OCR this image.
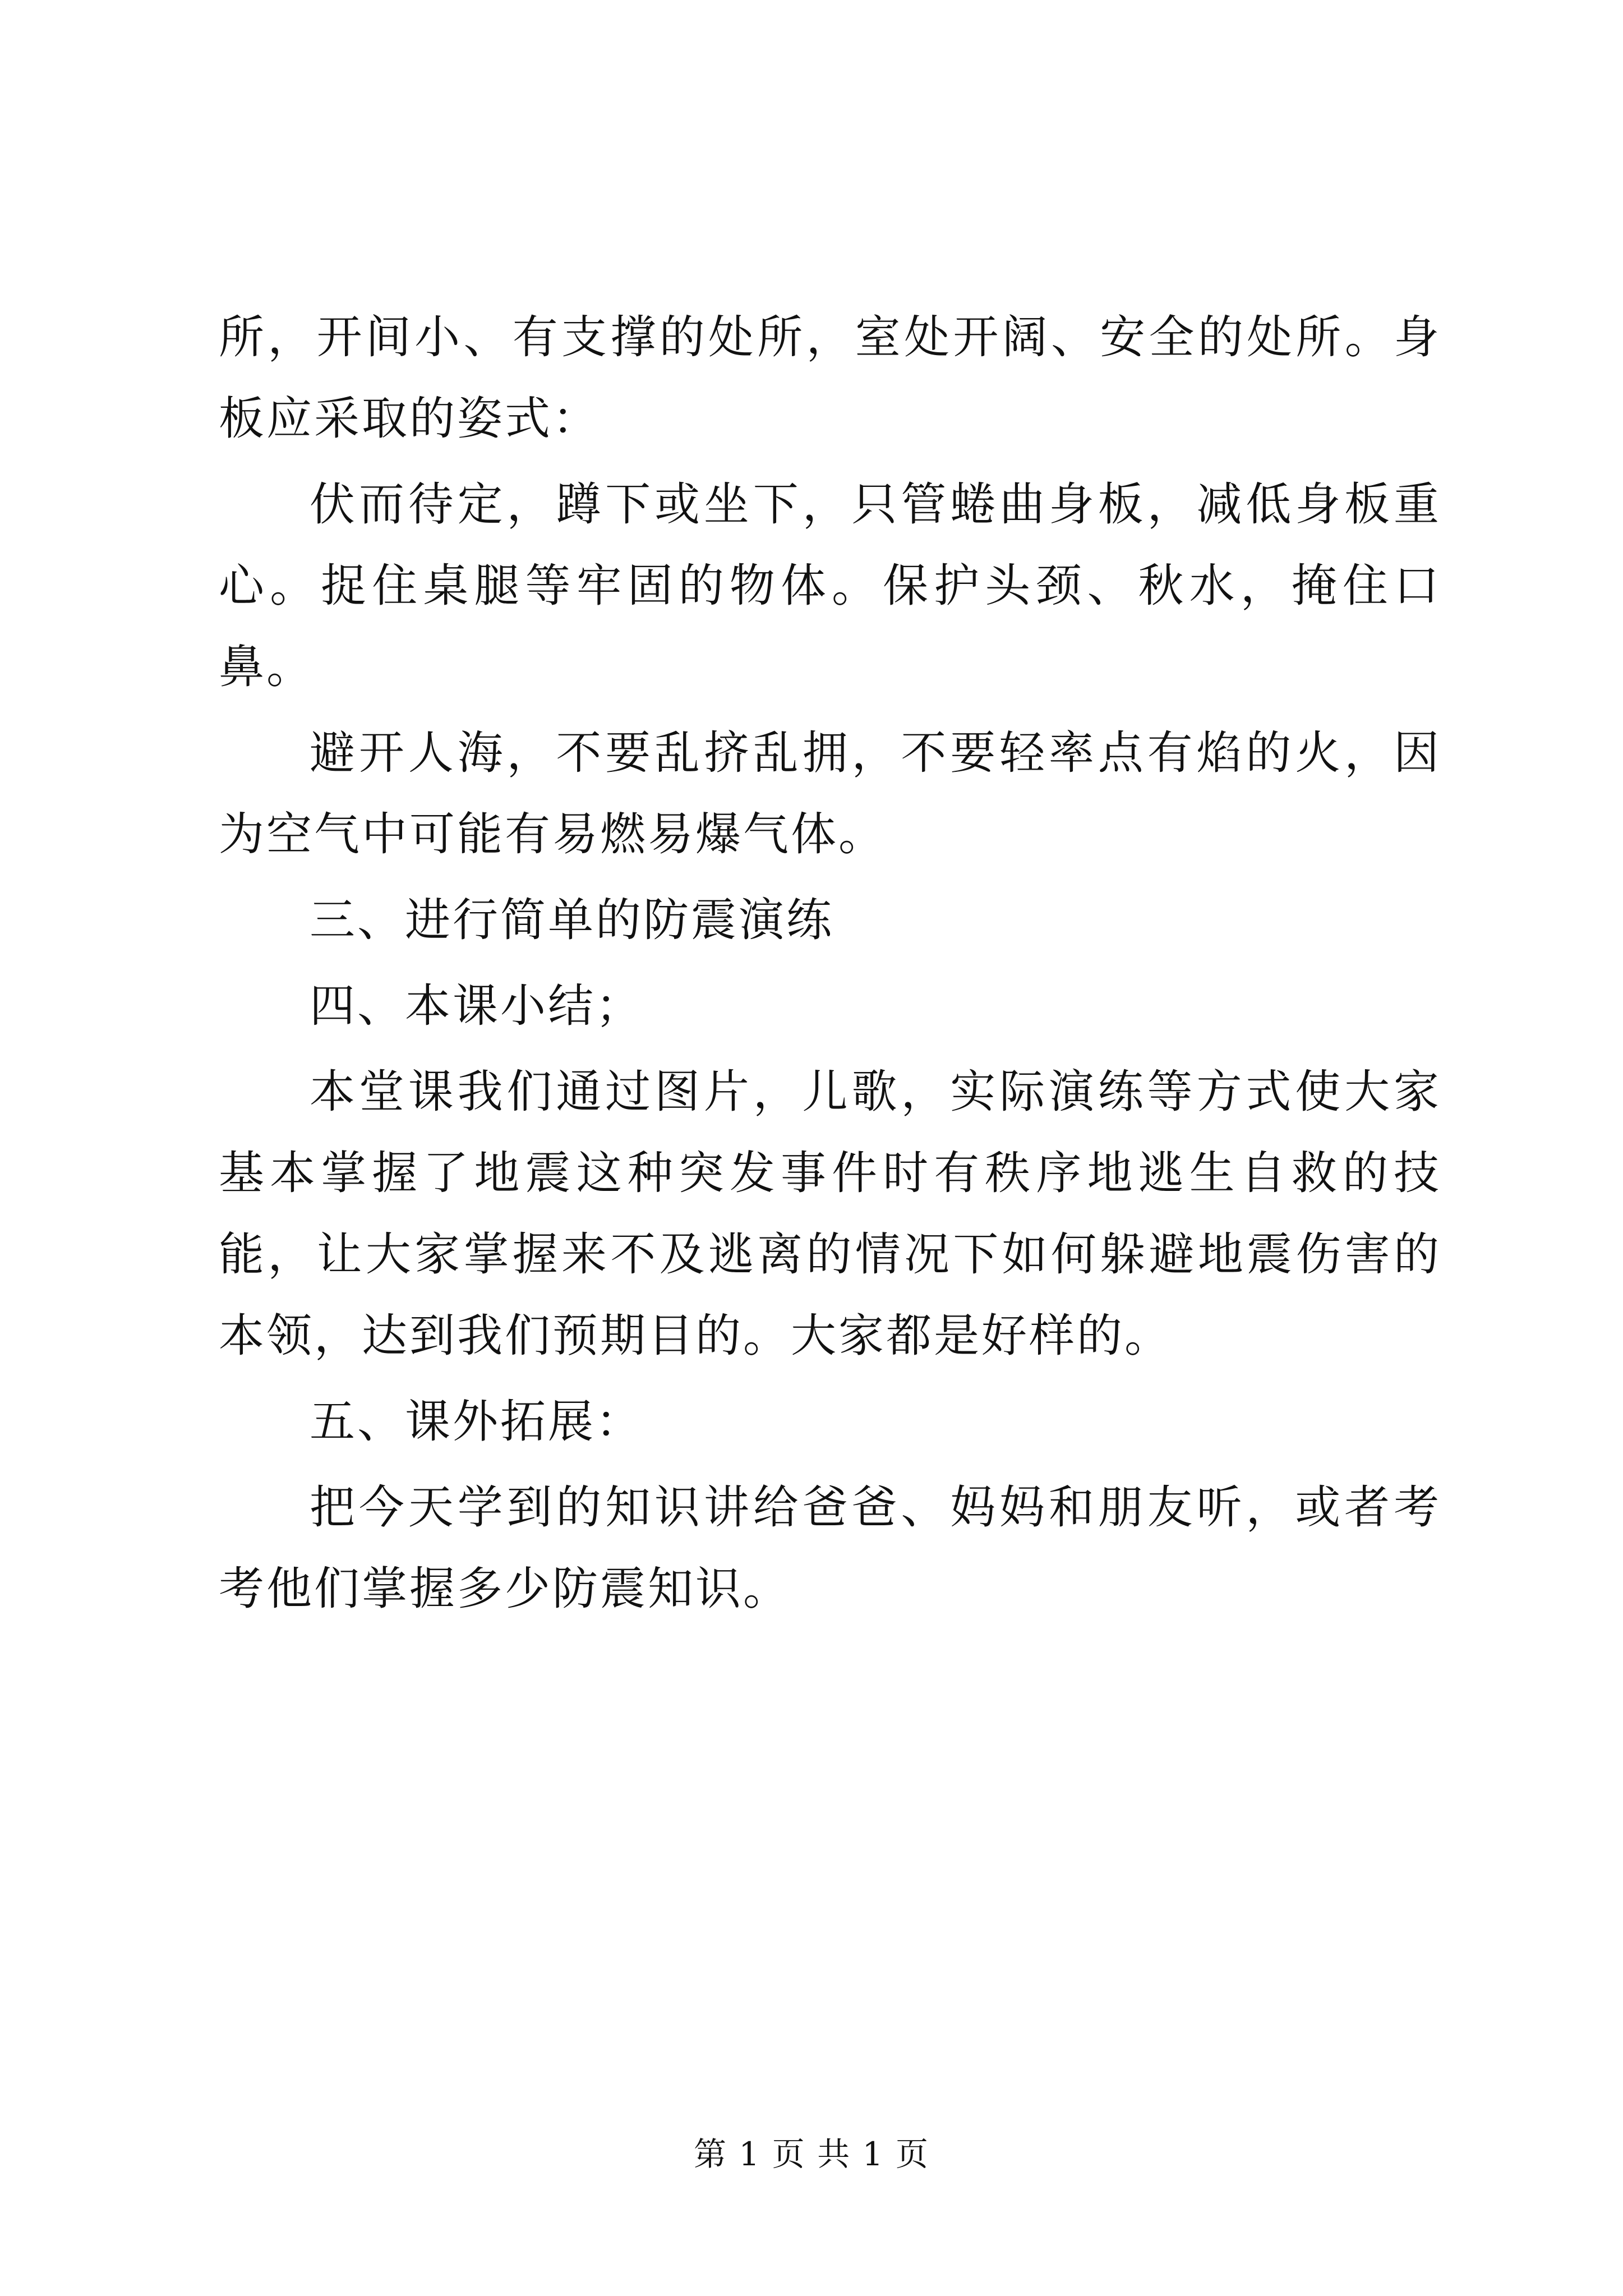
所，开间小、有支撑的处所，室处开阔、安全的处所。身板应采取的姿式：

伏而待定，蹲下或坐下，只管蜷曲身板，减低身板重心。捉住桌腿等牢固的物体。保护头颈、秋水，掩住口鼻。

避开人海，不要乱挤乱拥，不要轻率点有焰的火，因为空气中可能有易燃易爆气体。

三、进行简单的防震演练

四、本课小结；

本堂课我们通过图片，儿歌，实际演练等方式使大家基本掌握了地震这种突发事件时有秩序地逃生自救的技能，让大家掌握来不及逃离的情况下如何躲避地震伤害的本领，达到我们预期目的。大家都是好样的。

五、课外拓展：

把今天学到的知识讲给爸爸、妈妈和朋友听，或者考考他们掌握多少防震知识。

第 1 页 共 1 页
